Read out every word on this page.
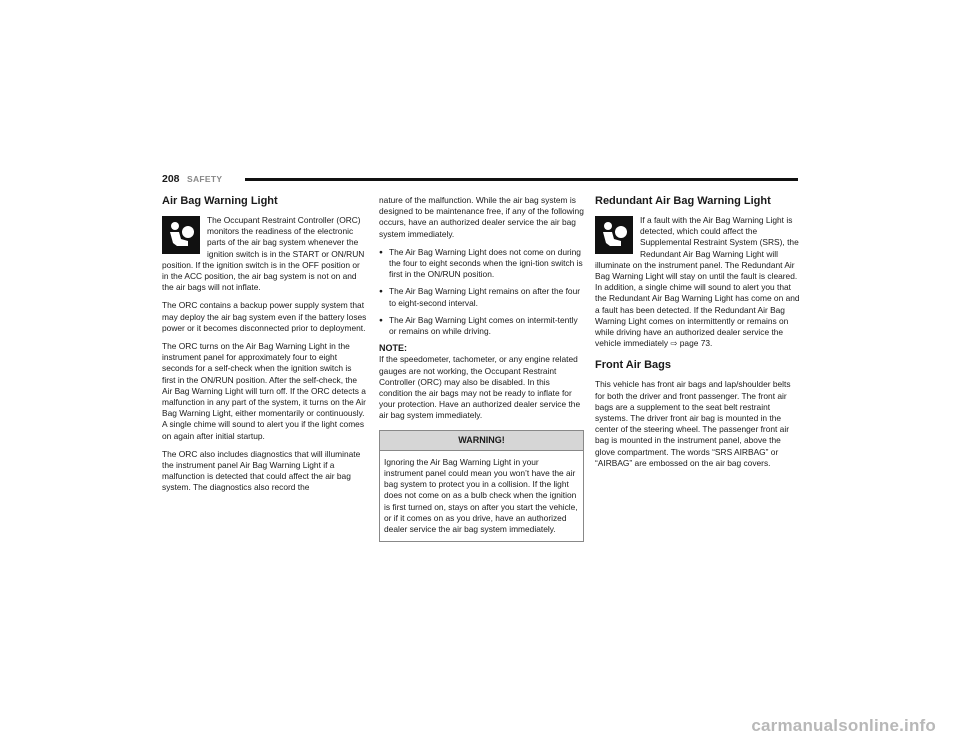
208 SAFETY
Air Bag Warning Light

The Occupant Restraint Controller (ORC) monitors the readiness of the electronic parts of the air bag system whenever the ignition switch is in the START or ON/RUN position. If the ignition switch is in the OFF position or in the ACC position, the air bag system is not on and the air bags will not inflate.

The ORC contains a backup power supply system that may deploy the air bag system even if the battery loses power or it becomes disconnected prior to deployment.

The ORC turns on the Air Bag Warning Light in the instrument panel for approximately four to eight seconds for a self-check when the ignition switch is first in the ON/RUN position. After the self-check, the Air Bag Warning Light will turn off. If the ORC detects a malfunction in any part of the system, it turns on the Air Bag Warning Light, either momentarily or continuously. A single chime will sound to alert you if the light comes on again after initial startup.

The ORC also includes diagnostics that will illuminate the instrument panel Air Bag Warning Light if a malfunction is detected that could affect the air bag system. The diagnostics also record the

nature of the malfunction. While the air bag system is designed to be maintenance free, if any of the following occurs, have an authorized dealer service the air bag system immediately.

● The Air Bag Warning Light does not come on during the four to eight seconds when the igni-tion switch is first in the ON/RUN position.
● The Air Bag Warning Light remains on after the four to eight-second interval.
● The Air Bag Warning Light comes on intermit-tently or remains on while driving.
NOTE:

If the speedometer, tachometer, or any engine related gauges are not working, the Occupant Restraint Controller (ORC) may also be disabled. In this condition the air bags may not be ready to inflate for your protection. Have an authorized dealer service the air bag system immediately.

WARNING!

Ignoring the Air Bag Warning Light in your instrument panel could mean you won’t have the air bag system to protect you in a collision. If the light does not come on as a bulb check when the ignition is first turned on, stays on after you start the vehicle, or if it comes on as you drive, have an authorized dealer service the air bag system immediately.

Redundant Air Bag Warning Light

If a fault with the Air Bag Warning Light is detected, which could affect the Supplemental Restraint System (SRS), the Redundant Air Bag Warning Light will illuminate on the instrument panel. The Redundant Air Bag Warning Light will stay on until the fault is cleared. In addition, a single chime will sound to alert you that the Redundant Air Bag Warning Light has come on and a fault has been detected. If the Redundant Air Bag Warning Light comes on intermittently or remains on while driving have an authorized dealer service the vehicle immediately ⇨ page 73.

Front Air Bags

This vehicle has front air bags and lap/shoulder belts for both the driver and front passenger. The front air bags are a supplement to the seat belt restraint systems. The driver front air bag is mounted in the center of the steering wheel. The passenger front air bag is mounted in the instrument panel, above the glove compartment. The words “SRS AIRBAG” or “AIRBAG” are embossed on the air bag covers.

carmanualsonline.info
